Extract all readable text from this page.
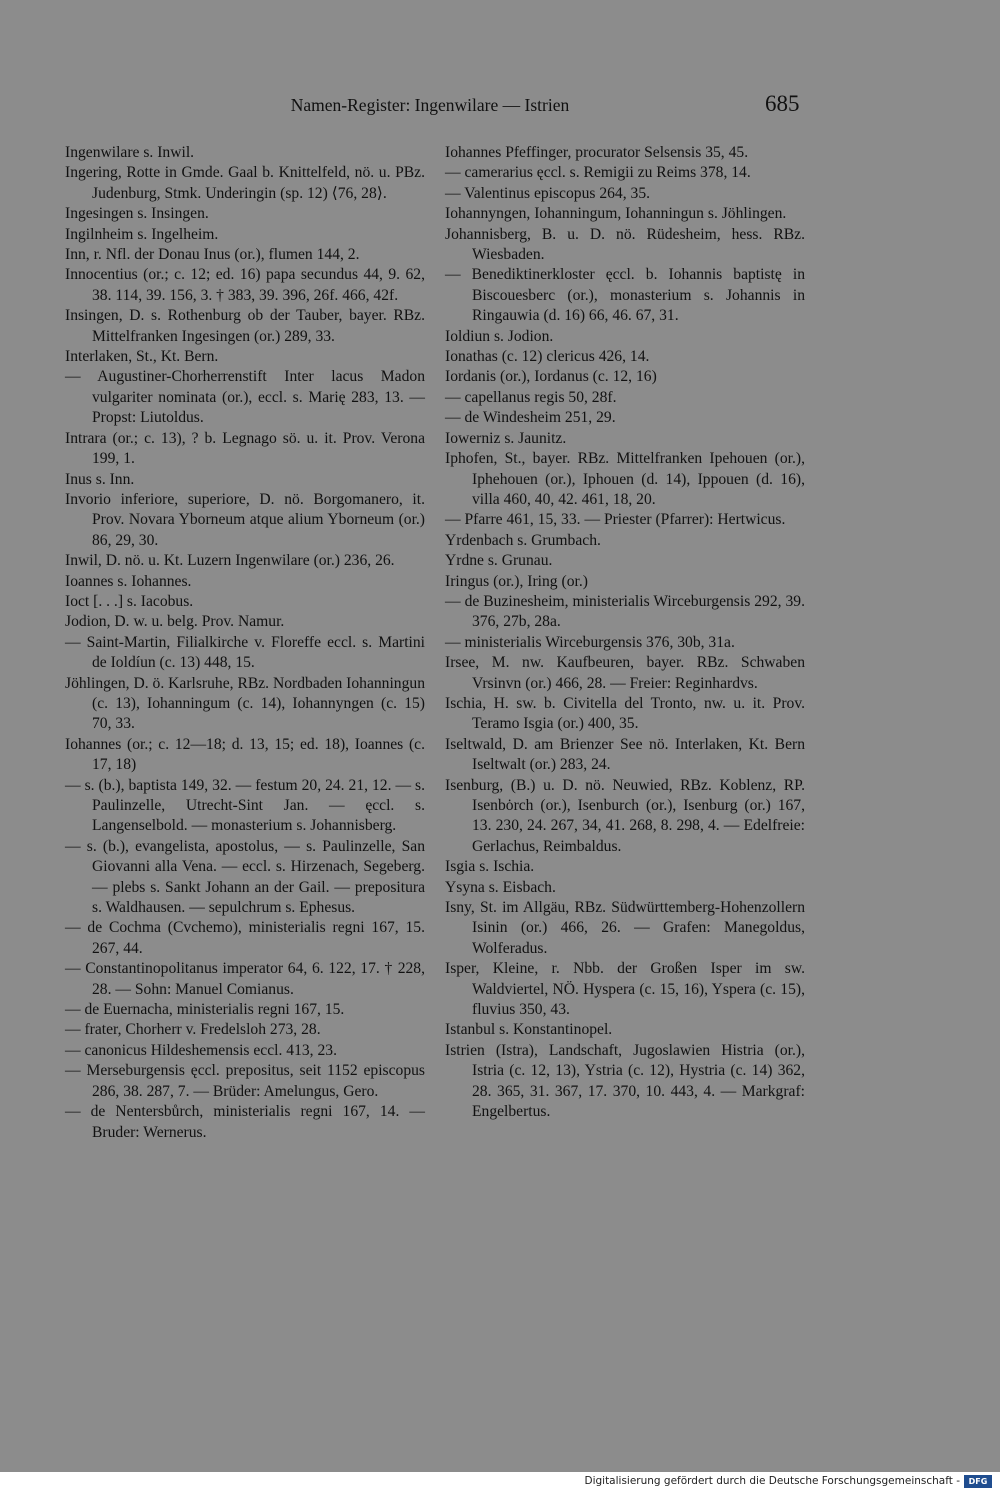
Namen-Register: Ingenwilare — Istrien	685

Ingenwilare s. Inwil.

Ingering, Rotte in Gmde. Gaal b. Knittelfeld, nö. u. PBz. Judenburg, Stmk. Underingin (sp. 12) ⟨76, 28⟩.

Ingesingen s. Insingen.

Ingilnheim s. Ingelheim.

Inn, r. Nfl. der Donau Inus (or.), flumen 144, 2.

Innocentius (or.; c. 12; ed. 16) papa secundus 44, 9. 62, 38. 114, 39. 156, 3. † 383, 39. 396, 26f. 466, 42f.

Insingen, D. s. Rothenburg ob der Tauber, bayer. RBz. Mittelfranken Ingesingen (or.) 289, 33.

Interlaken, St., Kt. Bern.

— Augustiner-Chorherrenstift Inter lacus Madon vulgariter nominata (or.), eccl. s. Marię 283, 13. — Propst: Liutoldus.

Intrara (or.; c. 13), ? b. Legnago sö. u. it. Prov. Verona 199, 1.

Inus s. Inn.

Invorio inferiore, superiore, D. nö. Borgomanero, it. Prov. Novara Yborneum atque alium Yborneum (or.) 86, 29, 30.

Inwil, D. nö. u. Kt. Luzern Ingenwilare (or.) 236, 26.

Ioannes s. Iohannes.

Ioct [. . .] s. Iacobus.

Jodion, D. w. u. belg. Prov. Namur.

— Saint-Martin, Filialkirche v. Floreffe eccl. s. Martini de Ioldíun (c. 13) 448, 15.

Jöhlingen, D. ö. Karlsruhe, RBz. Nordbaden Iohanningun (c. 13), Iohanningum (c. 14), Iohannyngen (c. 15) 70, 33.

Iohannes (or.; c. 12—18; d. 13, 15; ed. 18), Ioannes (c. 17, 18)

— s. (b.), baptista 149, 32. — festum 20, 24. 21, 12. — s. Paulinzelle, Utrecht-Sint Jan. — ęccl. s. Langenselbold. — monasterium s. Johannisberg.

— s. (b.), evangelista, apostolus, — s. Paulinzelle, San Giovanni alla Vena. — eccl. s. Hirzenach, Segeberg. — plebs s. Sankt Johann an der Gail. — prepositura s. Waldhausen. — sepulchrum s. Ephesus.

— de Cochma (Cvchemo), ministerialis regni 167, 15. 267, 44.

— Constantinopolitanus imperator 64, 6. 122, 17. † 228, 28. — Sohn: Manuel Comianus.

— de Euernacha, ministerialis regni 167, 15.

— frater, Chorherr v. Fredelsloh 273, 28.

— canonicus Hildeshemensis eccl. 413, 23.

— Merseburgensis ęccl. prepositus, seit 1152 episcopus 286, 38. 287, 7. — Brüder: Amelungus, Gero.

— de Nentersbůrch, ministerialis regni 167, 14. — Bruder: Wernerus.

Iohannes Pfeffinger, procurator Selsensis 35, 45.

— camerarius ęccl. s. Remigii zu Reims 378, 14.

— Valentinus episcopus 264, 35.

Iohannyngen, Iohanningum, Iohanningun s. Jöhlingen.

Johannisberg, B. u. D. nö. Rüdesheim, hess. RBz. Wiesbaden.

— Benediktinerkloster ęccl. b. Iohannis baptistę in Biscouesberc (or.), monasterium s. Johannis in Ringauwia (d. 16) 66, 46. 67, 31.

Ioldiun s. Jodion.

Ionathas (c. 12) clericus 426, 14.

Iordanis (or.), Iordanus (c. 12, 16)

— capellanus regis 50, 28f.

— de Windesheim 251, 29.

Iowerniz s. Jaunitz.

Iphofen, St., bayer. RBz. Mittelfranken Ipehouen (or.), Iphehouen (or.), Iphouen (d. 14), Ippouen (d. 16), villa 460, 40, 42. 461, 18, 20.

— Pfarre 461, 15, 33. — Priester (Pfarrer): Hertwicus.

Yrdenbach s. Grumbach.

Yrdne s. Grunau.

Iringus (or.), Iring (or.)

— de Buzinesheim, ministerialis Wirceburgensis 292, 39. 376, 27b, 28a.

— ministerialis Wirceburgensis 376, 30b, 31a.

Irsee, M. nw. Kaufbeuren, bayer. RBz. Schwaben Vrsinvn (or.) 466, 28. — Freier: Reginhardvs.

Ischia, H. sw. b. Civitella del Tronto, nw. u. it. Prov. Teramo Isgia (or.) 400, 35.

Iseltwald, D. am Brienzer See nö. Interlaken, Kt. Bern Iseltwalt (or.) 283, 24.

Isenburg, (B.) u. D. nö. Neuwied, RBz. Koblenz, RP. Isenbȯrch (or.), Isenburch (or.), Isenburg (or.) 167, 13. 230, 24. 267, 34, 41. 268, 8. 298, 4. — Edelfreie: Gerlachus, Reimbaldus.

Isgia s. Ischia.

Ysyna s. Eisbach.

Isny, St. im Allgäu, RBz. Südwürttemberg-Hohenzollern Isinin (or.) 466, 26. — Grafen: Manegoldus, Wolferadus.

Isper, Kleine, r. Nbb. der Großen Isper im sw. Waldviertel, NÖ. Hyspera (c. 15, 16), Yspera (c. 15), fluvius 350, 43.

Istanbul s. Konstantinopel.

Istrien (Istra), Landschaft, Jugoslawien Histria (or.), Istria (c. 12, 13), Ystria (c. 12), Hystria (c. 14) 362, 28. 365, 31. 367, 17. 370, 10. 443, 4. — Markgraf: Engelbertus.

Digitalisierung gefördert durch die Deutsche Forschungsgemeinschaft -	DFG
